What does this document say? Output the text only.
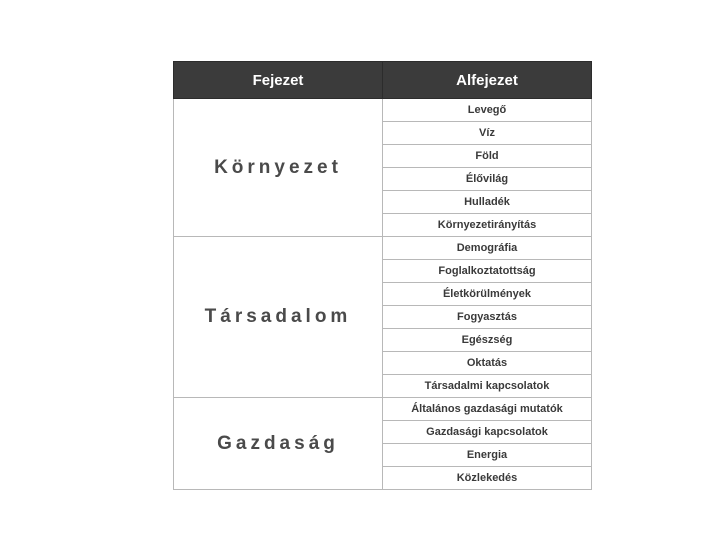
Fejezet	Alfejezet
Környezet	Levegő
	Víz
	Föld
	Élővilág
	Hulladék
	Környezetirányítás
Társadalom	Demográfia
	Foglalkoztatottság
	Életkörülmények
	Fogyasztás
	Egészség
	Oktatás
	Társadalmi kapcsolatok
Gazdaság	Általános gazdasági mutatók
	Gazdasági kapcsolatok
	Energia
	Közlekedés
